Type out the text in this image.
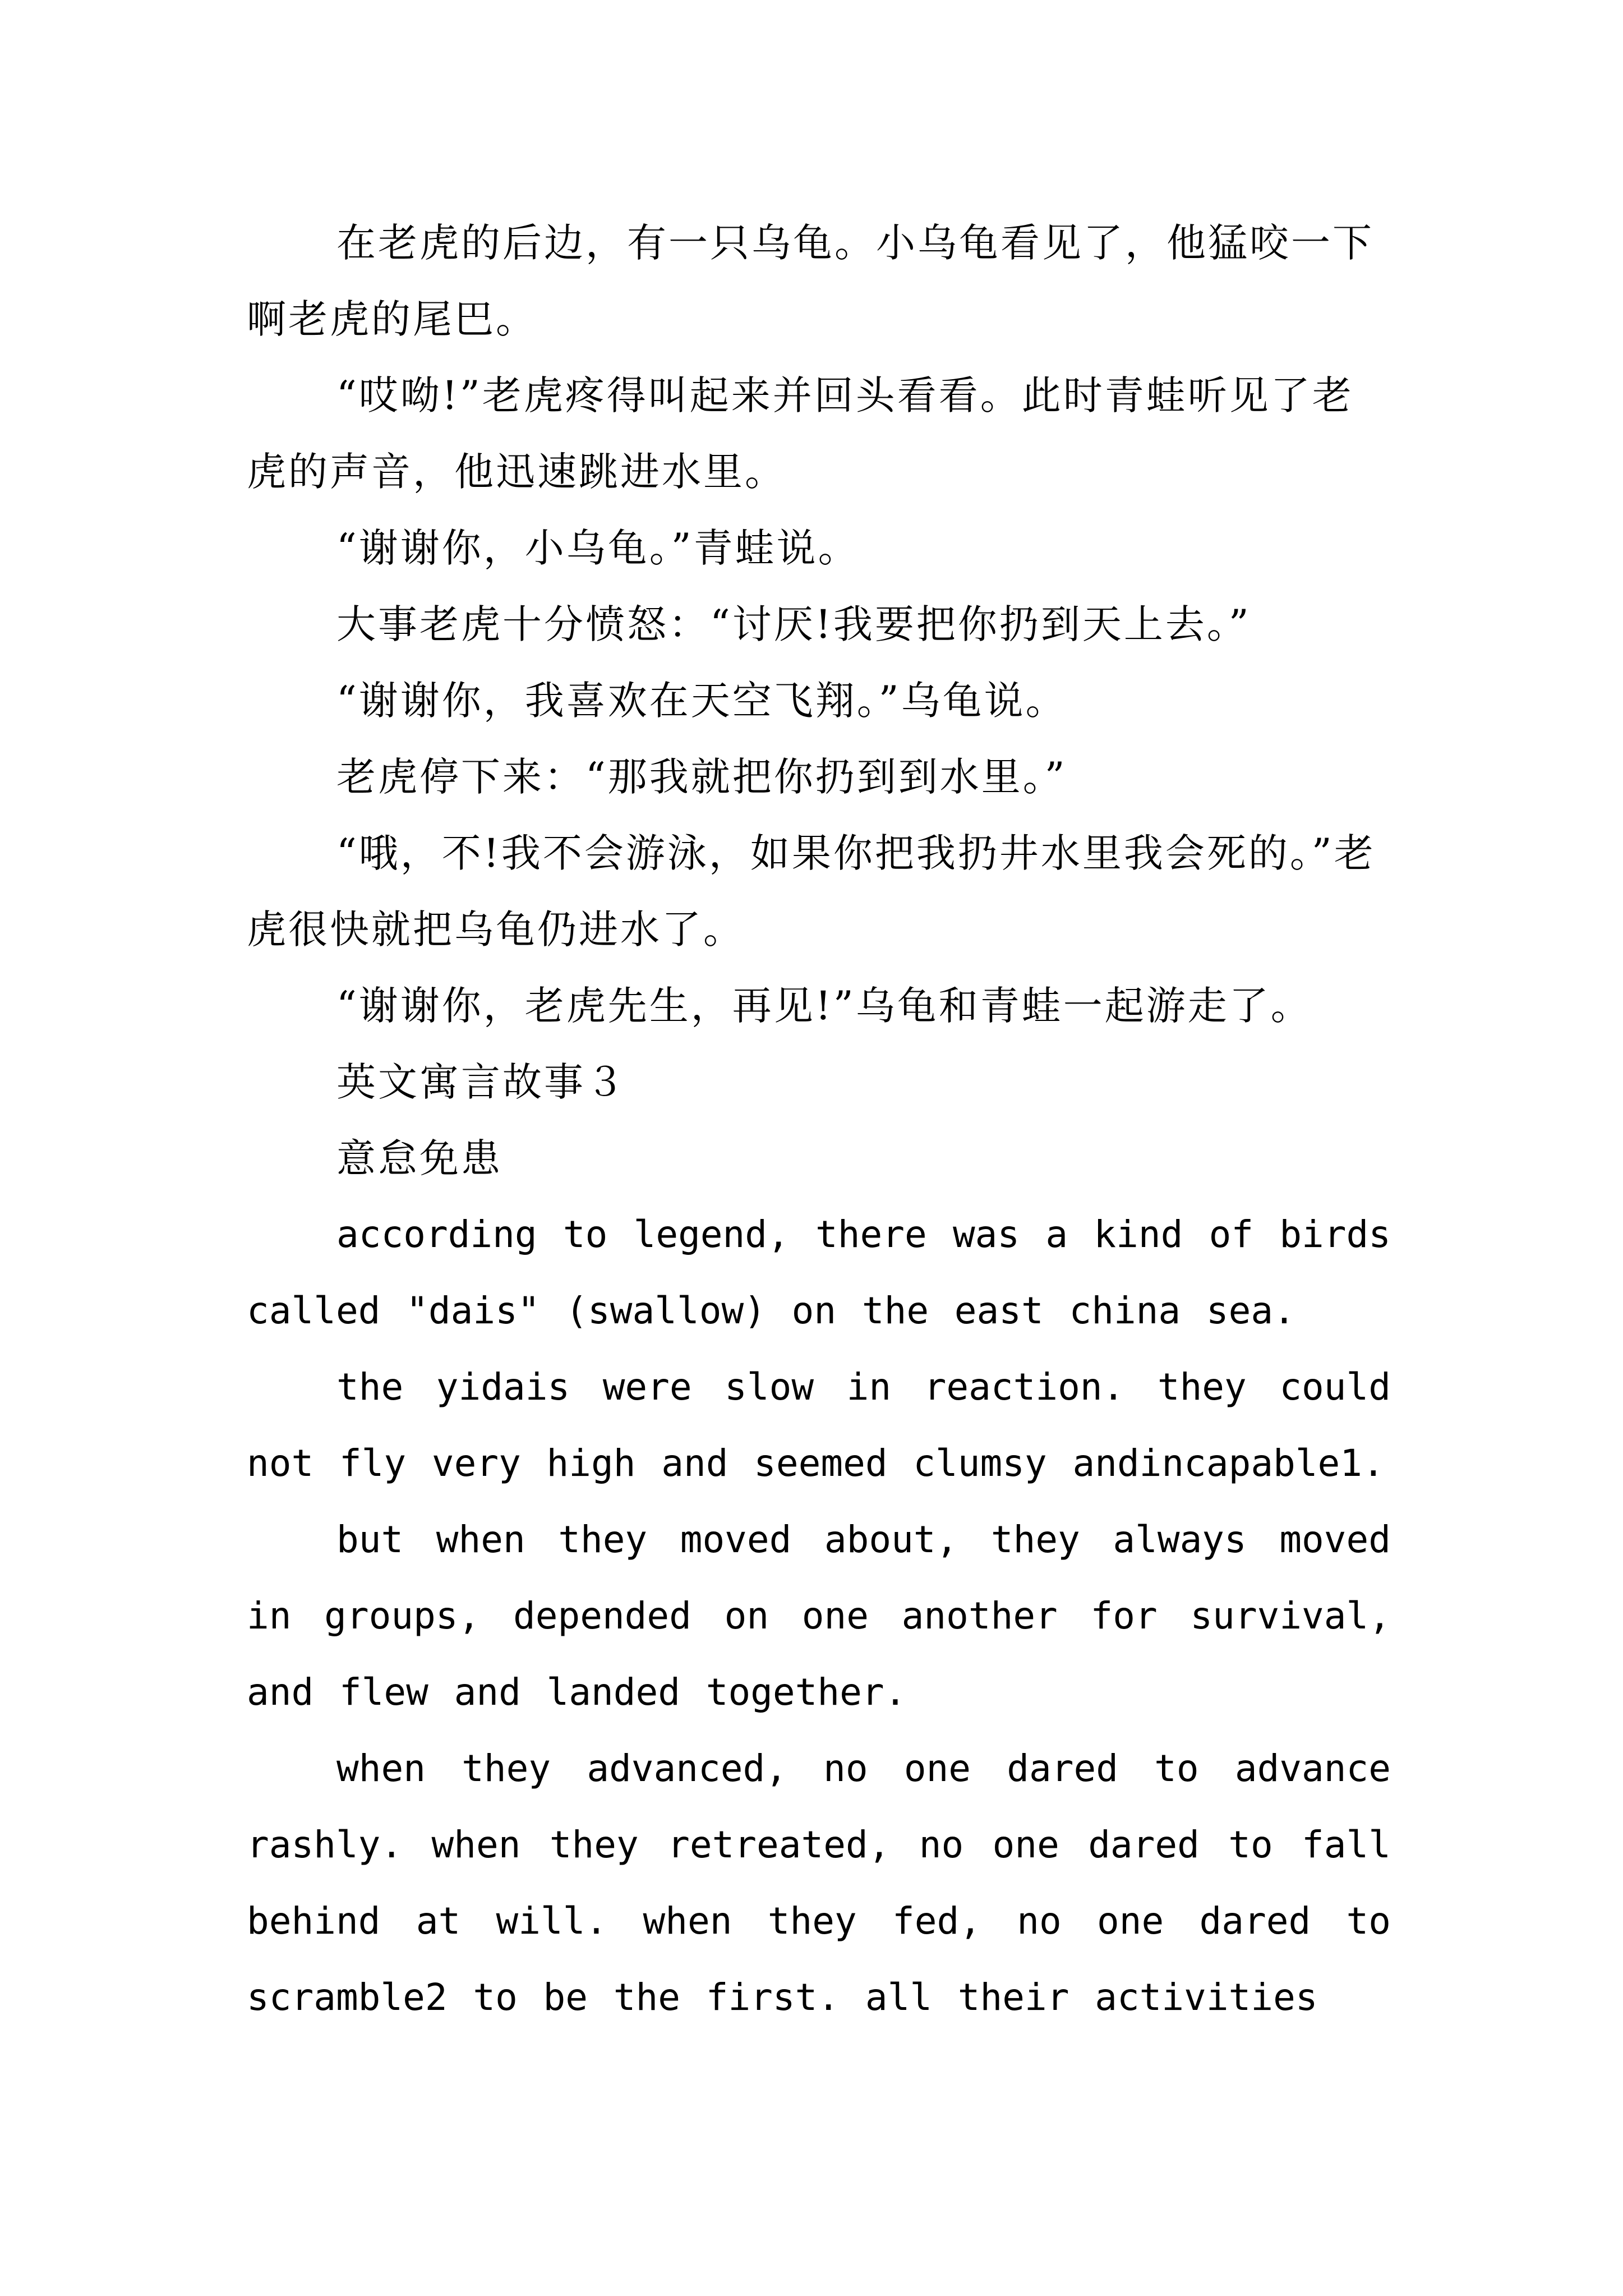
在老虎的后边，有一只乌龟。小乌龟看见了，他猛咬一下啊老虎的尾巴。

“哎呦!”老虎疼得叫起来并回头看看。此时青蛙听见了老虎的声音，他迅速跳进水里。

“谢谢你，小乌龟。”青蛙说。

大事老虎十分愤怒：“讨厌!我要把你扔到天上去。”

“谢谢你，我喜欢在天空飞翔。”乌龟说。

老虎停下来：“那我就把你扔到到水里。”

“哦，不!我不会游泳，如果你把我扔井水里我会死的。”老虎很快就把乌龟仍进水了。

“谢谢你，老虎先生，再见!”乌龟和青蛙一起游走了。

英文寓言故事３

意怠免患

according to legend, there was a kind of birds called "dais" (swallow) on the east china sea.

the yidais were slow in reaction. they could not fly very high and seemed clumsy andincapable1.

but when they moved about, they always moved in groups, depended on one another for survival, and flew and landed together.

when they advanced, no one dared to advance rashly. when they retreated, no one dared to fall behind at will. when they fed, no one dared to scramble2 to be the first. all their activities
